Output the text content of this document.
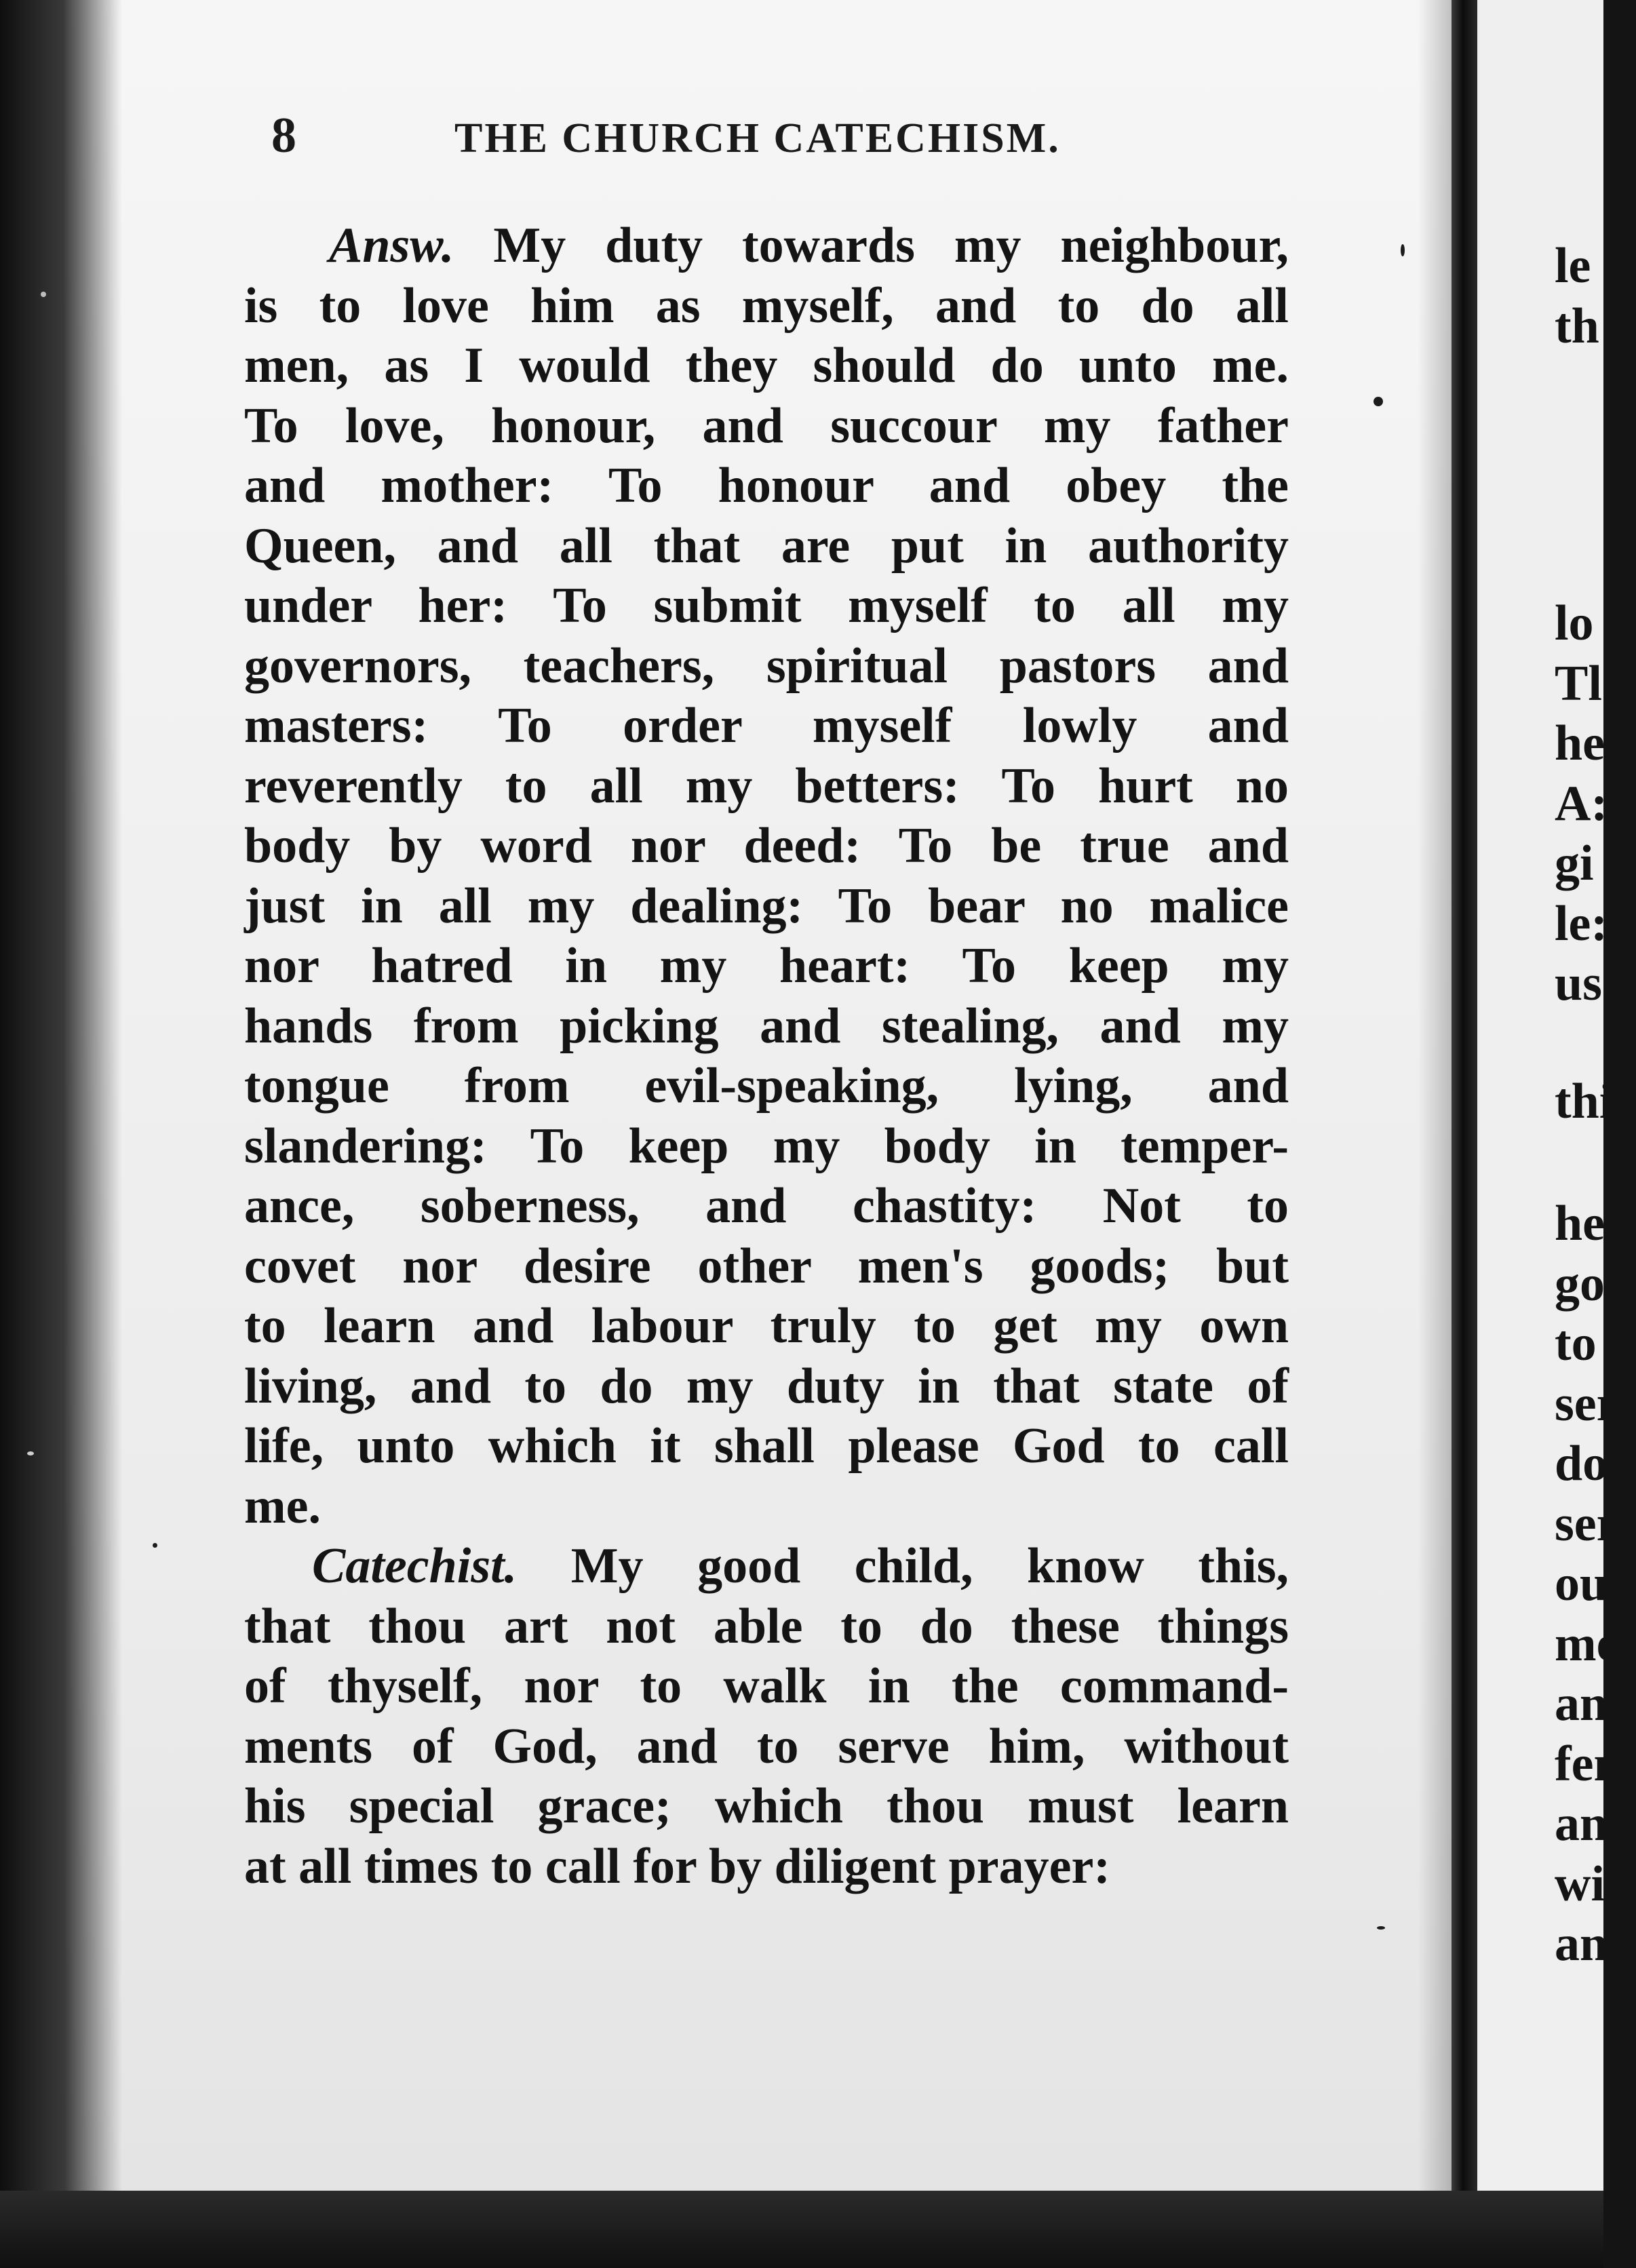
8	THE CHURCH CATECHISM.
Answ. My duty towards my neighbour,
is to love him as myself, and to do all
men, as I would they should do unto me.
To love, honour, and succour my father
and mother: To honour and obey the
Queen, and all that are put in authority
under her: To submit myself to all my
governors, teachers, spiritual pastors and
masters: To order myself lowly and
reverently to all my betters: To hurt no
body by word nor deed: To be true and
just in all my dealing: To bear no malice
nor hatred in my heart: To keep my
hands from picking and stealing, and my
tongue from evil-speaking, lying, and
slandering: To keep my body in temper-
ance, soberness, and chastity: Not to
covet nor desire other men's goods; but
to learn and labour truly to get my own
living, and to do my duty in that state of
life, unto which it shall please God to call
me.
Catechist. My good child, know this,
that thou art not able to do these things
of thyself, nor to walk in the command-
ments of God, and to serve him, without
his special grace; which thou must learn
at all times to call for by diligent prayer:
le
th
lo
Tl
he
A:
gi
le:
us
thi
he
go
to
ser
do.
ser
ou
me
anc
fen
anc
wi
an
